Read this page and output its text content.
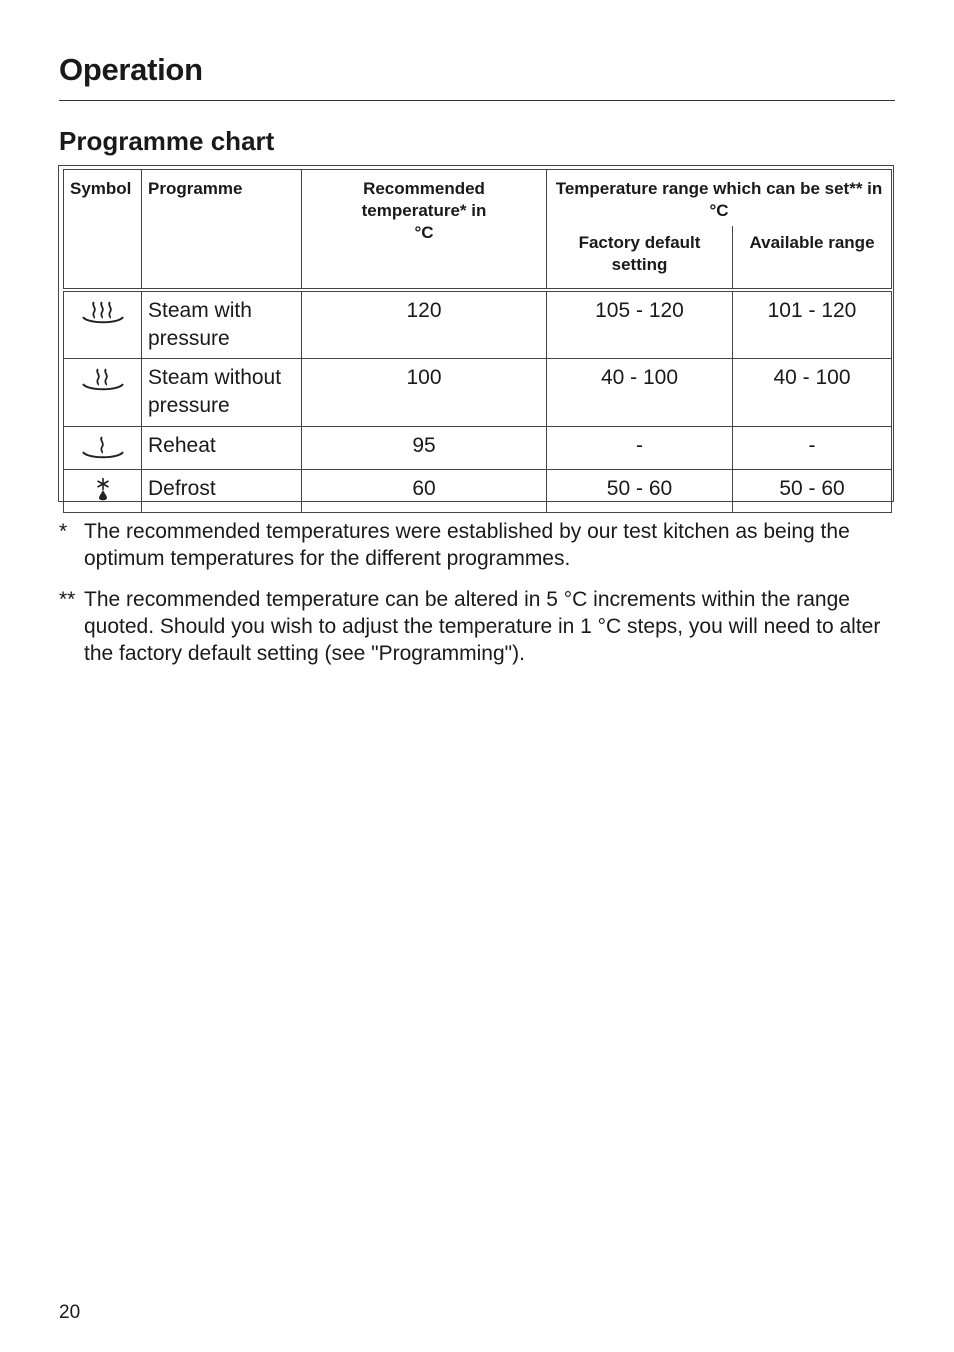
Operation
Programme chart
Symbol	Programme	Recommended temperature* in °C	Temperature range which can be set** in °C	
			Factory default setting	Available range
	Steam with pressure	120	105 - 120	101 - 120
	Steam without pressure	100	40 - 100	40 - 100
	Reheat	95	-	-
	Defrost	60	50 - 60	50 - 60
* The recommended temperatures were established by our test kitchen as being the optimum temperatures for the different programmes.
** The recommended temperature can be altered in 5 °C increments within the range quoted. Should you wish to adjust the temperature in 1 °C steps, you will need to alter the factory default setting (see "Programming").
20
